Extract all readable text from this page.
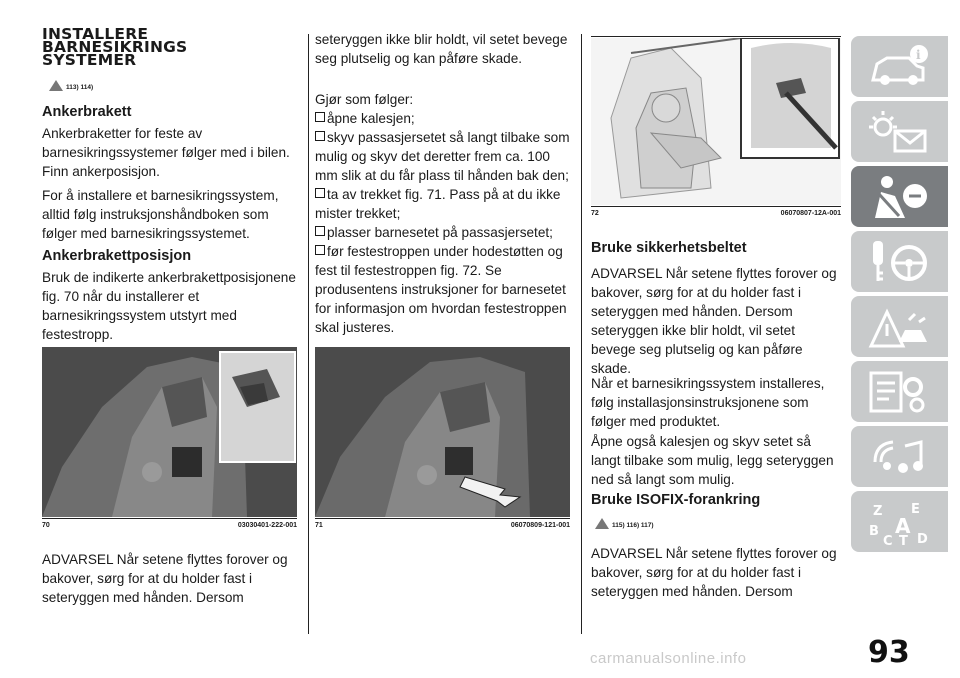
INSTALLERE
BARNESIKRINGS
SYSTEMER
113) 114)
Ankerbrakett
Ankerbraketter for feste av barnesikringssystemer følger med i bilen. Finn ankerposisjon.
For å installere et barnesikringssystem, alltid følg instruksjonshåndboken som følger med barnesikringssystemet.
Ankerbrakettposisjon
Bruk de indikerte ankerbrakettposisjonene fig. 70 når du installerer et barnesikringssystem utstyrt med festestropp.
70	03030401-222-001
ADVARSEL Når setene flyttes forover og bakover, sørg for at du holder fast i seteryggen med hånden. Dersom
seteryggen ikke blir holdt, vil setet bevege seg plutselig og kan påføre skade.
Gjør som følger:
åpne kalesjen;
skyv passasjersetet så langt tilbake som mulig og skyv det deretter frem ca. 100 mm slik at du får plass til hånden bak den;
ta av trekket fig. 71. Pass på at du ikke mister trekket;
plasser barnesetet på passasjersetet;
før festestroppen under hodestøtten og fest til festestroppen fig. 72. Se produsentens instruksjoner for barnesetet for informasjon om hvordan festestroppen skal justeres.
71	06070809-121-001
72	06070807-12A-001
Bruke sikkerhetsbeltet
ADVARSEL Når setene flyttes forover og bakover, sørg for at du holder fast i seteryggen med hånden. Dersom seteryggen ikke blir holdt, vil setet bevege seg plutselig og kan påføre skade.
Når et barnesikringssystem installeres, følg installasjonsinstruksjonene som følger med produktet.
Åpne også kalesjen og skyv setet så langt tilbake som mulig, legg seteryggen ned så langt som mulig.
Bruke ISOFIX-forankring
115) 116) 117)
ADVARSEL Når setene flyttes forover og bakover, sørg for at du holder fast i seteryggen med hånden. Dersom
i
Z E
B A
C T D
93
carmanualsonline.info
